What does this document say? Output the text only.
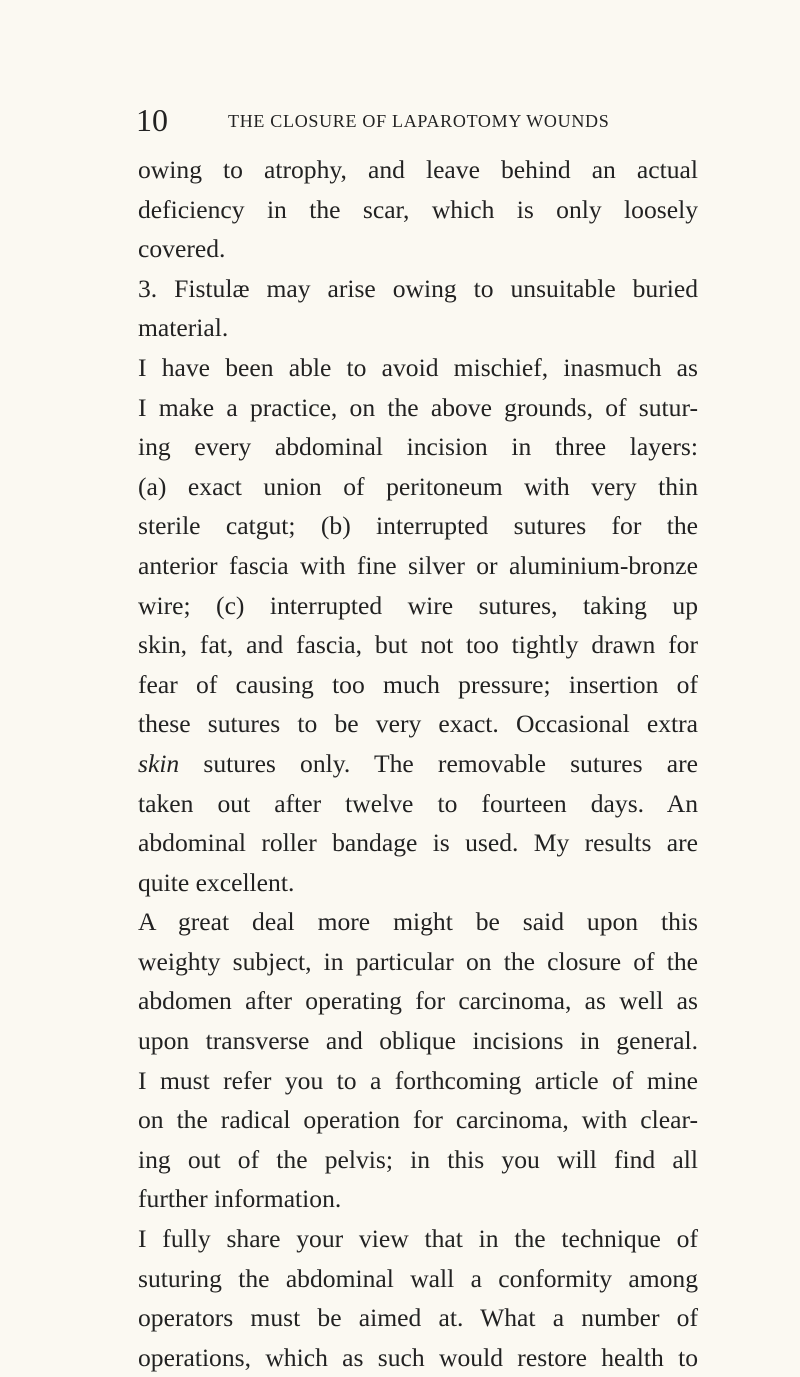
10	THE CLOSURE OF LAPAROTOMY WOUNDS
owing to atrophy, and leave behind an actual
deficiency in the scar, which is only loosely
covered.
3. Fistulæ may arise owing to unsuitable buried
material.
I have been able to avoid mischief, inasmuch as
I make a practice, on the above grounds, of sutur-
ing every abdominal incision in three layers:
(a) exact union of peritoneum with very thin
sterile catgut; (b) interrupted sutures for the
anterior fascia with fine silver or aluminium-bronze
wire; (c) interrupted wire sutures, taking up
skin, fat, and fascia, but not too tightly drawn for
fear of causing too much pressure; insertion of
these sutures to be very exact. Occasional extra
skin sutures only. The removable sutures are
taken out after twelve to fourteen days. An
abdominal roller bandage is used. My results are
quite excellent.
A great deal more might be said upon this
weighty subject, in particular on the closure of the
abdomen after operating for carcinoma, as well as
upon transverse and oblique incisions in general.
I must refer you to a forthcoming article of mine
on the radical operation for carcinoma, with clear-
ing out of the pelvis; in this you will find all
further information.
I fully share your view that in the technique of
suturing the abdominal wall a conformity among
operators must be aimed at. What a number of
operations, which as such would restore health to
